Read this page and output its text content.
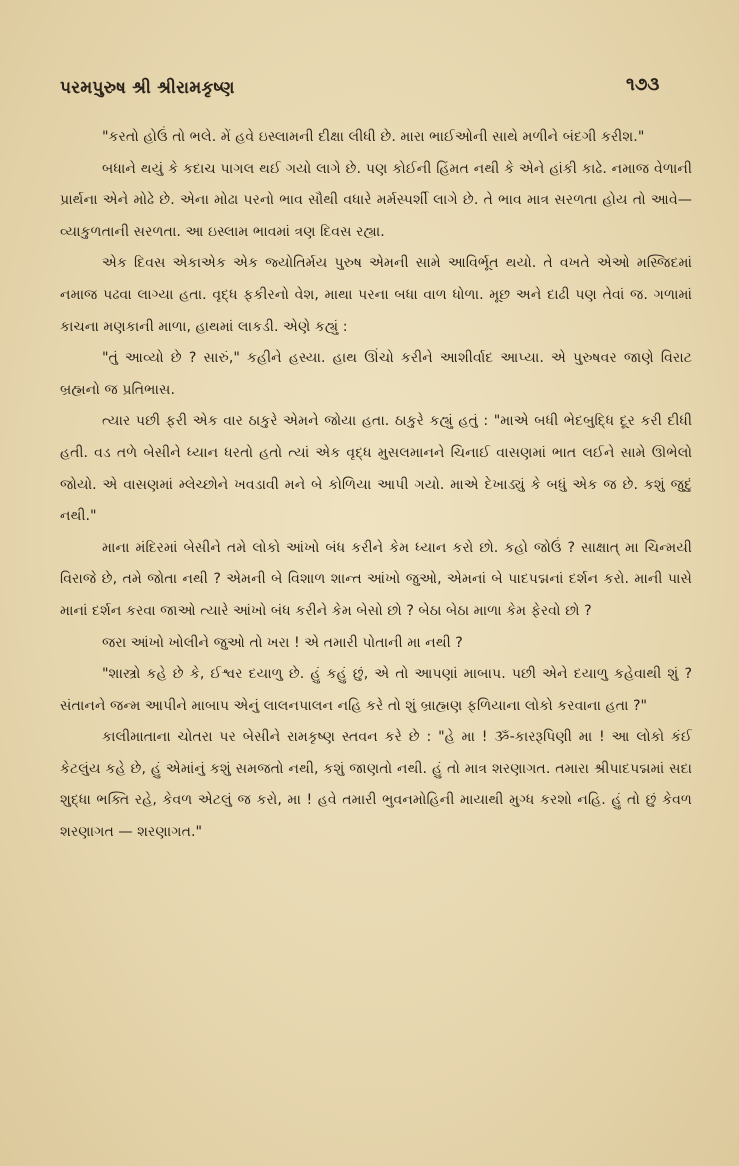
પરમપુરુષ શ્રી શ્રીરામકૃષ્ણ	૧૭૩

"કરતો હોઉં તો ભલે. મેં હવે ઇસ્લામની દીક્ષા લીધી છે. મારા ભાઈઓની સાથે મળીને બંદગી કરીશ."

બધાને થયું કે કદાચ પાગલ થઈ ગયો લાગે છે. પણ કોઈની હિંમત નથી કે એને હાંકી કાઢે. નમાજ વેળાની પ્રાર્થના એને મોઢે છે. એના મોઢા પરનો ભાવ સૌથી વધારે મર્મસ્પર્શી લાગે છે. તે ભાવ માત્ર સરળતા હોય તો આવે—વ્યાકુળતાની સરળતા. આ ઇસ્લામ ભાવમાં ત્રણ દિવસ રહ્યા.

એક દિવસ એકાએક એક જ્યોતિર્મય પુરુષ એમની સામે આવિર્ભૂત થયો. તે વખતે એઓ મસ્જિદમાં નમાજ પઢવા લાગ્યા હતા. વૃદ્ધ ફકીરનો વેશ, માથા પરના બધા વાળ ધોળા. મૂછ અને દાઢી પણ તેવાં જ. ગળામાં કાચના મણકાની માળા, હાથમાં લાકડી. એણે કહ્યું :

"તું આવ્યો છે ? સારું," કહીને હસ્યા. હાથ ઊંચો કરીને આશીર્વાદ આપ્યા. એ પુરુષવર જાણે વિરાટ બ્રહ્મનો જ પ્રતિભાસ.

ત્યાર પછી ફરી એક વાર ઠાકુરે એમને જોયા હતા. ઠાકુરે કહ્યું હતું : "માએ બધી ભેદબુદ્ધિ દૂર કરી દીધી હતી. વડ તળે બેસીને ધ્યાન ધરતો હતો ત્યાં એક વૃદ્ધ મુસલમાનને ચિનાઈ વાસણમાં ભાત લઈને સામે ઊભેલો જોયો. એ વાસણમાં મ્લેચ્છોને ખવડાવી મને બે કોળિયા આપી ગયો. માએ દેખાડ્યું કે બધું એક જ છે. કશું જુદું નથી."

માના મંદિરમાં બેસીને તમે લોકો આંખો બંધ કરીને કેમ ધ્યાન કરો છો. કહો જોઉં ? સાક્ષાત્ મા ચિન્મયી વિરાજે છે, તમે જોતા નથી ? એમની બે વિશાળ શાન્ત આંખો જુઓ, એમનાં બે પાદપદ્મનાં દર્શન કરો. માની પાસે માનાં દર્શન કરવા જાઓ ત્યારે આંખો બંધ કરીને કેમ બેસો છો ? બેઠા બેઠા માળા કેમ ફેરવો છો ?

જરા આંખો ખોલીને જુઓ તો ખરા ! એ તમારી પોતાની મા નથી ?

"શાસ્ત્રો કહે છે કે, ઈશ્વર દયાળુ છે. હું કહું છું, એ તો આપણાં માબાપ. પછી એને દયાળુ કહેવાથી શું ? સંતાનને જન્મ આપીને માબાપ એનું લાલનપાલન નહિ કરે તો શું બ્રાહ્મણ ફળિયાના લોકો કરવાના હતા ?"

કાલીમાતાના ચોતરા પર બેસીને રામકૃષ્ણ સ્તવન કરે છે : "હે મા ! ૐ-કારરૂપિણી મા ! આ લોકો કંઈ કેટલુંય કહે છે, હું એમાંનું કશું સમજતો નથી, કશું જાણતો નથી. હું તો માત્ર શરણાગત. તમારા શ્રીપાદપદ્મમાં સદા શુદ્ધા ભક્તિ રહે, કેવળ એટલું જ કરો, મા ! હવે તમારી ભુવનમોહિની માયાથી મુગ્ધ કરશો નહિ. હું તો છું કેવળ શરણાગત — શરણાગત."
